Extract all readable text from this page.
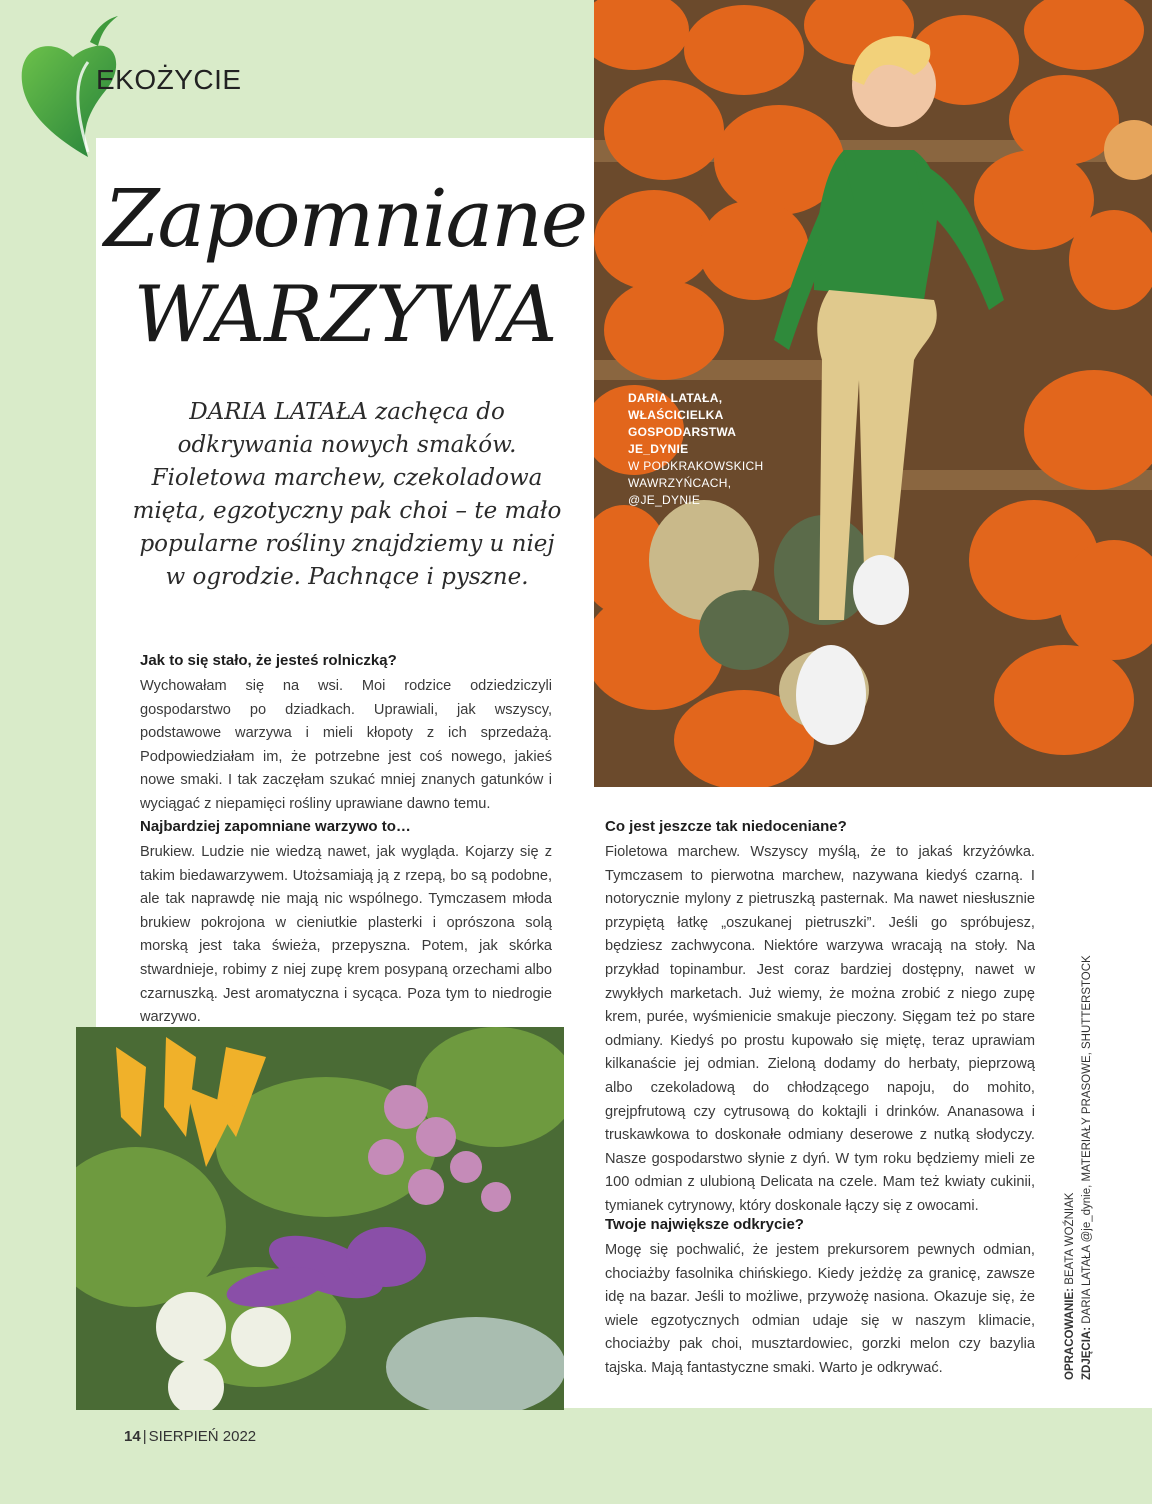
EKOŻYCIE
Zapomniane
WARZYWA

DARIA LATAŁA zachęca do odkrywania nowych smaków. Fioletowa marchew, czekoladowa mięta, egzotyczny pak choi – te mało popularne rośliny znajdziemy u niej w ogrodzie. Pachnące i pyszne.

DARIA LATAŁA,
WŁAŚCICIELKA
GOSPODARSTWA
JE_DYNIE
W PODKRAKOWSKICH
WAWRZYŃCACH,
@JE_DYNIE
Jak to się stało, że jesteś rolniczką?

Wychowałam się na wsi. Moi rodzice odziedziczyli gospodarstwo po dziadkach. Uprawiali, jak wszyscy, podstawowe warzywa i mieli kłopoty z ich sprzedażą. Podpowiedziałam im, że potrzebne jest coś nowego, jakieś nowe smaki. I tak zaczęłam szukać mniej znanych gatunków i wyciągać z niepamięci rośliny uprawiane dawno temu.

Najbardziej zapomniane warzywo to…

Brukiew. Ludzie nie wiedzą nawet, jak wygląda. Kojarzy się z takim biedawarzywem. Utożsamiają ją z rzepą, bo są podobne, ale tak naprawdę nie mają nic wspólnego. Tymczasem młoda brukiew pokrojona w cieniutkie plasterki i oprószona solą morską jest taka świeża, przepyszna. Potem, jak skórka stwardnieje, robimy z niej zupę krem posypaną orzechami albo czarnuszką. Jest aromatyczna i sycąca. Poza tym to niedrogie warzywo.

Co jest jeszcze tak niedoceniane?

Fioletowa marchew. Wszyscy myślą, że to jakaś krzyżówka. Tymczasem to pierwotna marchew, nazywana kiedyś czarną. I notorycznie mylony z pietruszką pasternak. Ma nawet niesłusznie przypiętą łatkę „oszukanej pietruszki”. Jeśli go spróbujesz, będziesz zachwycona. Niektóre warzywa wracają na stoły. Na przykład topinambur. Jest coraz bardziej dostępny, nawet w zwykłych marketach. Już wiemy, że można zrobić z niego zupę krem, purée, wyśmienicie smakuje pieczony. Sięgam też po stare odmiany. Kiedyś po prostu kupowało się miętę, teraz uprawiam kilkanaście jej odmian. Zieloną dodamy do herbaty, pieprzową albo czekoladową do chłodzącego napoju, do mohito, grejpfrutową czy cytrusową do koktajli i drinków. Ananasowa i truskawkowa to doskonałe odmiany deserowe z nutką słodyczy. Nasze gospodarstwo słynie z dyń. W tym roku będziemy mieli ze 100 odmian z ulubioną Delicata na czele. Mam też kwiaty cukinii, tymianek cytrynowy, który doskonale łączy się z owocami.

Twoje największe odkrycie?

Mogę się pochwalić, że jestem prekursorem pewnych odmian, chociażby fasolnika chińskiego. Kiedy jeżdżę za granicę, zawsze idę na bazar. Jeśli to możliwe, przywożę nasiona. Okazuje się, że wiele egzotycznych odmian udaje się w naszym klimacie, chociażby pak choi, musztardowiec, gorzki melon czy bazylia tajska. Mają fantastyczne smaki. Warto je odkrywać.	OPRACOWANIE: BEATA WOŹNIAK
ZDJĘCIA: DARIA LATAŁA @je_dynie, MATERIAŁY PRASOWE, SHUTTERSTOCK
14 | SIERPIEŃ 2022
